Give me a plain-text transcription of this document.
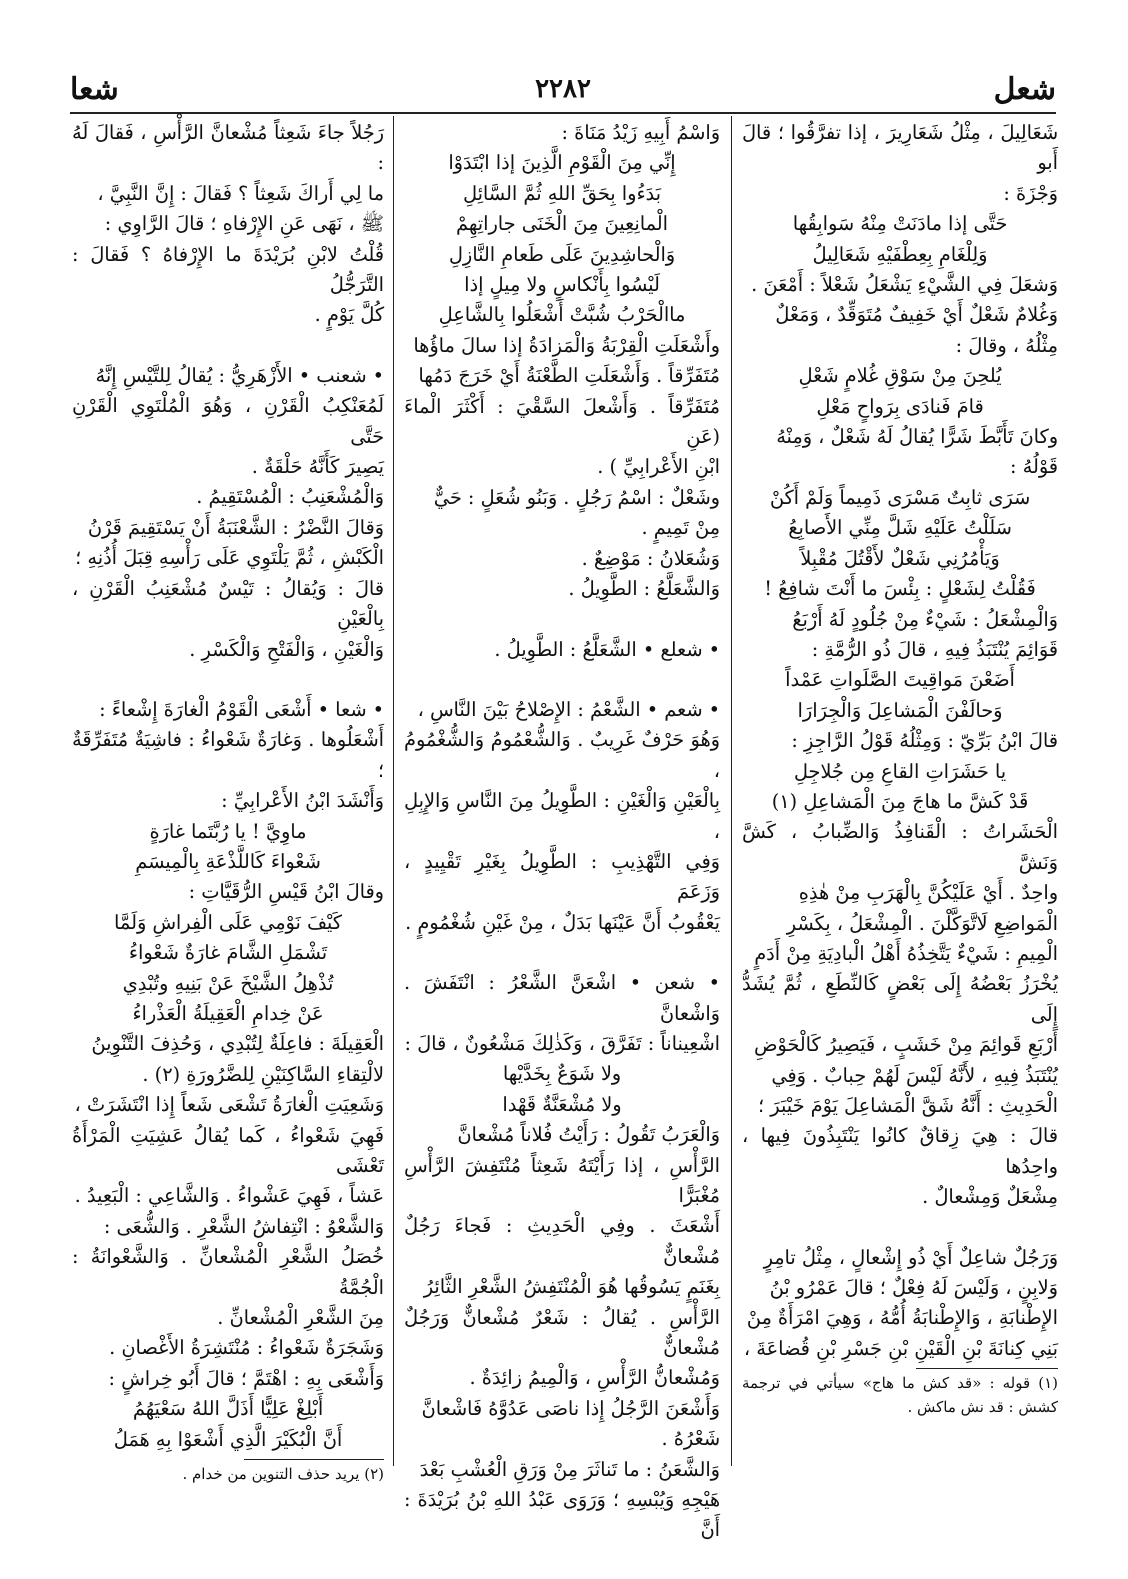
شعل
٢٢٨٢
شعا

شَعَالِيلَ ، مِثْلُ شَعَارِيرَ ، إذا تفرَّقُوا ؛ قالَ أَبو

وَجْزَةَ :

حَتَّى إذا مادَنَتْ مِنْهُ سَوابِقُها

وَلِلْغَامِ بِعِطْفَيْهِ شَعَالِيلُ

وَشعَلَ فِي الشَّيْءِ يَشْعَلُ شَعْلاً : أَمْعَنَ .

وَغُلامٌ شَعْلٌ أَيْ خَفِيفٌ مُتَوَقِّدٌ ، وَمَعْلٌ

مِثْلُهُ ، وقالَ :

يُلحِنَ مِنْ سَوْقِ غُلامٍ شَعْلِ

قامَ فَنادَى بِرَواحٍ مَعْلِ

وكانَ تَأَبَّطَ شَرًّا يُقالُ لَهُ شَعْلٌ ، وَمِنْهُ

قَوْلُهُ :

سَرَى ثابِتٌ مَسْرَى ذَمِيماً وَلَمْ أَكُنْ

سَلَلْتُ عَلَيْهِ شَلَّ مِنِّي الأَصابِعُ

وَيَأْمُرُنِي شَعْلٌ لأَقْتُلَ مُقْبِلاً

فَقُلْتُ لِشَعْلٍ : بِئْسَ ما أَنْتَ شافِعُ !

وَالْمِشْعَلُ : شَيْءٌ مِنْ جُلُودٍ لَهُ أَرْبَعُ

قَوَائِمَ يُنْتَبَذُ فِيهِ ، قالَ ذُو الرُّمَّةِ :

أَضَعْنَ مَواقِيتَ الصَّلَواتِ عَمْداً

وَحالَفْنَ الْمَشاعِلَ وَالْجِرَارَا

قالَ ابْنُ بَرِّيّ : وَمِثْلُهُ قَوْلُ الرَّاجِزِ :

يا حَشَرَاتِ القاعِ مِن جُلاجِلِ

قَدْ كَشَّ ما هاجَ مِنَ الْمَشاعِلِ (١)

الْحَشَراتُ : الْقَنافِذُ وَالضِّبابُ ، كَشَّ وَنَشَّ

واحِدٌ . أَيْ عَلَيْكُنَّ بِالْهَرَبِ مِنْ هٰذِهِ

الْمَواضِعِ لَاتَّوَكَّلْنَ . الْمِشْعَلُ ، بِكَسْرِ

الْمِيمِ : شَيْءٌ يَتَّخِذُهُ أَهْلُ الْبادِيَةِ مِنْ أَدَمٍ

يُخْرَزُ بَعْضُهُ إِلَى بَعْضٍ كَالنِّطَعِ ، ثُمَّ يُشَدُّ إِلَى

أَرْبَعِ قَوائِمَ مِنْ خَشَبٍ ، فَيَصِيرُ كَالْحَوْضِ

يُنْتَبَذُ فِيهِ ، لأَنَّهُ لَيْسَ لَهُمْ حِبابٌ . وَفِي

الْحَدِيثِ : أَنَّهُ شَقَّ الْمَشاعِلَ يَوْمَ خَيْبَرَ ؛

قالَ : هِيَ زِقاقٌ كانُوا يَنْتَبِذُونَ فِيها ، واحِدُها

مِشْعَلٌ وَمِشْعالٌ .

وَرَجُلٌ شاعِلٌ أَيْ ذُو إِشْعالٍ ، مِثْلُ تامِرٍ

وَلابِنٍ ، وَلَيْسَ لَهُ فِعْلٌ ؛ قالَ عَمْرُو بْنُ

الإِطْنابَةِ ، وَالإِطْنابَةُ أُمُّهُ ، وَهِيَ امْرَأَةٌ مِنْ

بَنِي كِنانَةَ بْنِ الْقَيْنِ بْنِ جَسْرِ بْنِ قُضاعَةَ ،

(١) قوله : «قد كش ما هاج» سيأتي في ترجمة كشش : قد نش ماكش .

وَاسْمُ أَبِيهِ زَيْدُ مَنَاةَ :

إِنِّي مِنَ الْقَوْمِ الَّذِينَ إذا ابْتَدَوْا

بَدَءُوا بِحَقِّ اللهِ ثُمَّ السَّائِلِ

الْمانِعِينَ مِنَ الْخَنَى جاراتِهِمْ

وَالْحاشِدِينَ عَلَى طَعامِ النَّازِلِ

لَيْسُوا بِأَنْكاسٍ ولا مِيلٍ إذا

ماالْحَرْبُ شُبَّتْ أَشْعَلُوا بِالشَّاعِلِ

وأَشْعَلَتِ الْقِرْبَةُ وَالْمَزادَةُ إذا سالَ ماؤُها

مُتَفَرِّقاً . وَأَشْعَلَتِ الطَّعْنَةُ أَيْ خَرَجَ دَمُها

مُتَفَرِّقاً . وَأَشْعلَ السَّقْيَ : أَكْثَرَ الْماءَ (عَنِ

ابْنِ الأَعْرابِيِّ ) .

وشَعْلٌ : اسْمُ رَجُلٍ . وَبَنُو شُعَلٍ : حَيٌّ

مِنْ تَمِيمٍ .

وَشُعَلانُ : مَوْضِعٌ .

وَالشَّعَلَّعُ : الطَّوِيلُ .

• شعلع • الشَّعَلَّعُ : الطَّوِيلُ .

• شعم • الشَّعْمُ : الإِصْلاحُ بَيْنَ النَّاسِ ،

وَهُوَ حَرْفٌ غَرِيبٌ . وَالشُّعْمُومُ وَالشُّغْمُومُ ،

بِالْعَيْنِ وَالْغَيْنِ : الطَّوِيلُ مِنَ النَّاسِ وَالإِبِلِ ،

وَفِي التَّهْذِيبِ : الطَّوِيلُ بِغَيْرِ تَقْيِيدٍ ، وَزَعَمَ

يَعْقُوبُ أَنَّ عَيْنَها بَدَلٌ ، مِنْ غَيْنِ شُغْمُومٍ .

• شعن • اشْعَنَّ الشَّعْرُ : انْتَفَشَ . وَاشْعانَّ

اشْعِيناناً : تَفَرَّقَ ، وَكَذٰلِكَ مَشْعُونٌ ، قالَ :

ولا شَوَعٌ بِخَدَّيْها

ولا مُشْعَنَّةٌ قَهْدا

وَالْعَرَبُ تَقُولُ : رَأَيْتُ فُلاناً مُشْعانَّ

الرَّأْسِ ، إذا رَأَيْتَهُ شَعِثاً مُنْتَفِشَ الرَّأْسِ مُغْبَرًّا

أَشْعَثَ . وفِي الْحَدِيثِ : فَجاءَ رَجُلٌ مُشْعانٌّ

بِغَنَمٍ يَسُوقُها هُوَ الْمُنْتَفِشُ الشَّعْرِ الثَّائِرُ

الرَّأْسِ . يُقالُ : شَعْرٌ مُشْعانٌّ وَرَجُلٌ مُشْعانٌّ

وَمُشْعانُّ الرَّأْسِ ، وَالْمِيمُ زائِدَةٌ .

وَأَشْعَنَ الرَّجُلُ إِذا ناصَى عَدُوَّهُ فَاشْعانَّ

شَعْرُهُ .

وَالشَّعَنُ : ما تَناثَرَ مِنْ وَرَقِ الْعُشْبِ بَعْدَ

هَيْجِهِ وَيُبْسِهِ ؛ وَرَوَى عَبْدُ اللهِ بْنُ بُرَيْدَةَ : أَنَّ

رَجُلاً جاءَ شَعِثاً مُشْعانَّ الرَّأْسِ ، فَقالَ لَهُ :

ما لِي أَراكَ شَعِثاً ؟ فَقالَ : إِنَّ النَّبِيَّ ،

ﷺ ، نَهَى عَنِ الإِرْفاهِ ؛ قالَ الرَّاوِي :

قُلْتُ لابْنِ بُرَيْدَةَ ما الإِرْفاهُ ؟ فَقالَ : التَّرَجُّلُ

كُلَّ يَوْمٍ .

• شعنب • الأَزْهَرِيُّ : يُقالُ لِلتَّيْسِ إِنَّهُ

لَمُعَنْكِبُ الْقَرْنِ ، وَهُوَ الْمُلْتَوِي الْقَرْنِ حَتَّى

يَصِيرَ كَأَنَّهُ حَلْقَةٌ .

وَالْمُشْعَنِبُ : الْمُسْتَقِيمُ .

وَقالَ النَّضْرُ : الشَّعْنَبَةُ أَنْ يَسْتَقِيمَ قَرْنُ

الْكَبْشِ ، ثُمَّ يَلْتَوِي عَلَى رَأْسِهِ قِبَلَ أُذُنِهِ ؛

قالَ : وَيُقالُ : تَيْسٌ مُشْعَنِبُ الْقَرْنِ ، بِالْعَيْنِ

وَالْغَيْنِ ، وَالْفَتْحِ وَالْكَسْرِ .

• شعا • أَشْعَى الْقَوْمُ الْغارَةَ إِشْعاءً :

أَشْعَلُوها . وَغارَةٌ شَعْواءُ : فاشِيَةٌ مُتَفَرِّقَةٌ ؛

وَأَنْشَدَ ابْنُ الأَعْرابِيِّ :

ماوِيَّ ! يا رُبَّتَما غارَةٍ

شَعْواءَ كَاللَّذْعَةِ بِالْمِيسَمِ

وقالَ ابْنُ قَيْسِ الرُّقَيَّاتِ :

كَيْفَ نَوْمِي عَلَى الْفِراشِ وَلَمَّا

تَشْمَلِ الشَّامَ غارَةٌ شَعْواءُ

تُذْهِلُ الشَّيْخَ عَنْ بَنِيهِ وتُبْدِي

عَنْ خِدامِ الْعَقِيلَةُ الْعَذْراءُ

الْعَقِيلَةَ : فاعِلَةٌ لِتُبْدِي ، وَحُذِفَ التَّنْوِينُ

لالْتِقاءِ السَّاكِنَيْنِ لِلضَّرُورَةِ (٢) .

وَشَعِيَتِ الْغارَةُ تَشْعَى شَعاً إِذا انْتَشَرَتْ ،

فَهِيَ شَعْواءُ ، كَما يُقالُ عَشِيَتِ الْمَرْأَةُ تَعْشَى

عَشاً ، فَهِيَ عَشْواءُ . وَالشَّاعِي : الْبَعِيدُ .

وَالشَّعْوُ : انْتِفاشُ الشَّعْرِ . وَالشُّعَى :

خُصَلُ الشَّعْرِ الْمُشْعانِّ . وَالشَّعْوانَةُ : الْجُمَّةُ

مِنَ الشَّعْرِ الْمُشْعانِّ .

وَشَجَرَةٌ شَعْواءُ : مُنْتَشِرَةُ الأَغْصانِ .

وَأَشْعَى بِهِ : اهْتَمَّ ؛ قالَ أَبُو خِراشٍ :

أَبْلِغْ عَلِيًّا أَذَلَّ اللهُ سَعْيَهُمُ

أَنَّ الْبُكَيْرَ الَّذِي أَشْعَوْا بِهِ هَمَلُ

(٢) يريد حذف التنوين من خدام .
